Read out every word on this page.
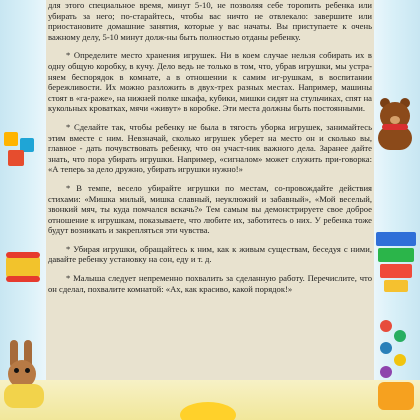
для этого специальное время, минут 5-10, не позволяя себе торопить ребенка или убирать за него; по-старайтесь, чтобы вас ничто не отвлекало: завершите или приостановите домашние занятия, которые у вас начаты. Вы приступаете к очень важному делу, 5-10 минут долж-ны быть полностью отданы ребенку.

* Определите место хранения игрушек. Ни в коем случае нельзя собирать их в одну общую коробку, в кучу. Дело ведь не только в том, что, убрав игрушки, мы устра-няем беспорядок в комнате, а в отношении к самим иг-рушкам, в воспитании бережливости. Их можно разложить в двух-трех разных местах. Например, машины стоят в «га-раже», на нижней полке шкафа, кубики, мишки сидят на стульчиках, спят на кукольных кроватках, мячи «живут» в коробке. Эти места должны быть постоянными.

* Сделайте так, чтобы ребенку не была в тягость уборка игрушек, занимайтесь этим вместе с ним. Невзначай, сколько игрушек уберет на место он и сколько вы, главное - дать почувствовать ребенку, что он участ-ник важного дела. Заранее дайте знать, что пора убирать игрушки. Например, «сигналом» может служить при-говорка: «А теперь за дело дружно, убирать игрушки нужно!»

* В темпе, весело убирайте игрушки по местам, со-провождайте действия стихами: «Мишка милый, мишка славный, неуклюжий и забавный», «Мой веселый, звонкий мяч, ты куда помчался вскачь?» Тем самым вы демонстрируете свое доброе отношение к игрушкам, показываете, что любите их, заботитесь о них. У ребенка тоже будут возникать и закрепляться эти чувства.

* Убирая игрушки, обращайтесь к ним, как к живым существам, беседуя с ними, давайте ребенку установку на сон, еду и т. д.

* Малыша следует непременно похвалить за сделанную работу. Перечислите, что он сделал, похвалите комнатой: «Ах, как красиво, какой порядок!»
